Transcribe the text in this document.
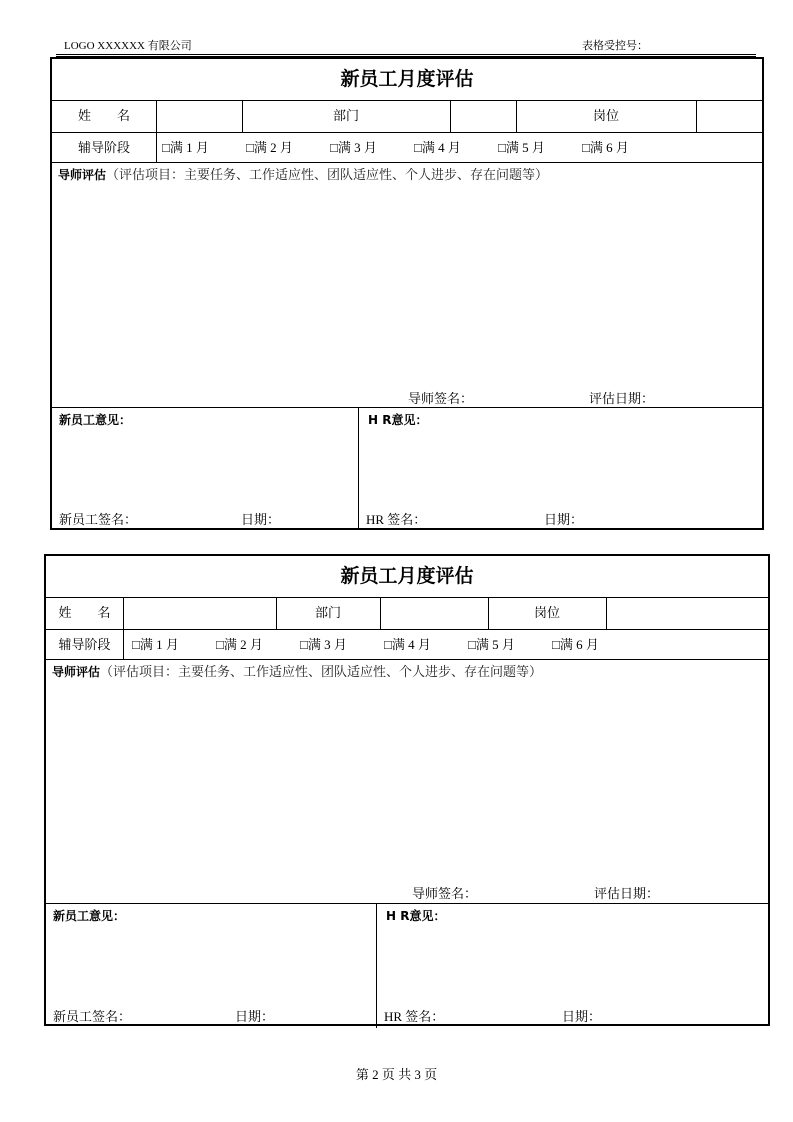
LOGO XXXXXX 有限公司	表格受控号：
新员工月度评估
姓　　名	部门	岗位
辅导阶段	□满 1 月	□满 2 月	□满 3 月	□满 4 月	□满 5 月	□满 6 月
导师评估（评估项目：主要任务、工作适应性、团队适应性、个人进步、存在问题等）
导师签名：	评估日期：
新员工意见：	H R意见：
新员工签名：	日期：	HR 签名：	日期：
新员工月度评估
姓　　名	部门	岗位
辅导阶段	□满 1 月	□满 2 月	□满 3 月	□满 4 月	□满 5 月	□满 6 月
导师评估（评估项目：主要任务、工作适应性、团队适应性、个人进步、存在问题等）
导师签名：	评估日期：
新员工意见：	H R意见：
新员工签名：	日期：	HR 签名：	日期：
第 2 页 共 3 页
